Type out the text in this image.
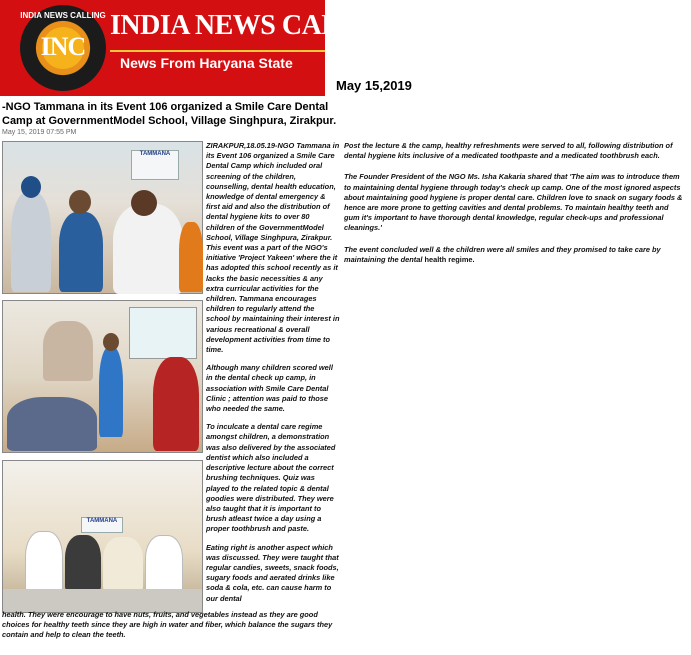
INDIA NEWS CALLING
INC
INDIA NEWS CALLING
News From Haryana State
May 15,2019
-NGO Tammana in its Event 106 organized a Smile Care Dental Camp at GovernmentModel School, Village Singhpura, Zirakpur.
May 15, 2019 07:55 PM
TAMMANA
TAMMANA

ZIRAKPUR,18.05.19-NGO Tammana in its Event 106 organized a Smile Care Dental Camp which included oral screening of the children, counselling, dental health education, knowledge of dental emergency & first aid and also the distribution of dental hygiene kits to over 80 children of the GovernmentModel School, Village Singhpura, Zirakpur. This event was a part of the NGO's initiative 'Project Yakeen' where the it has adopted this school recently as it lacks the basic necessities & any extra curricular activities for the children. Tammana encourages children to regularly attend the school by maintaining their interest in various recreational & overall development activities from time to time.

Although many children scored well in the dental check up camp, in association with Smile Care Dental Clinic ; attention was paid to those who needed the same.

To inculcate a dental care regime amongst children, a demonstration was also delivered by the associated dentist which also included a descriptive lecture about the correct brushing techniques. Quiz was played to the related topic & dental goodies were distributed. They were also taught that it is important to brush atleast twice a day using a proper toothbrush and paste.

Eating right is another aspect which was discussed. They were taught that regular candies, sweets, snack foods, sugary foods and aerated drinks like soda & cola, etc. can cause harm to our dental

health. They were encourage to have nuts, fruits, and vegetables instead as they are good choices for healthy teeth since they are high in water and fiber, which balance the sugars they contain and help to clean the teeth.

Post the lecture & the camp, healthy refreshments were served to all, following distribution of dental hygiene kits inclusive of a medicated toothpaste and a medicated toothbrush each.

The Founder President of the NGO Ms. Isha Kakaria shared that 'The aim was to introduce them to maintaining dental hygiene through today's check up camp. One of the most ignored aspects about maintaining good hygiene is proper dental care. Children love to snack on sugary foods & hence are more prone to getting cavities and dental problems. To maintain healthy teeth and gum it's important to have thorough dental knowledge, regular check-ups and professional cleanings.'

The event concluded well & the children were all smiles and they promised to take care by maintaining the dental health regime.
